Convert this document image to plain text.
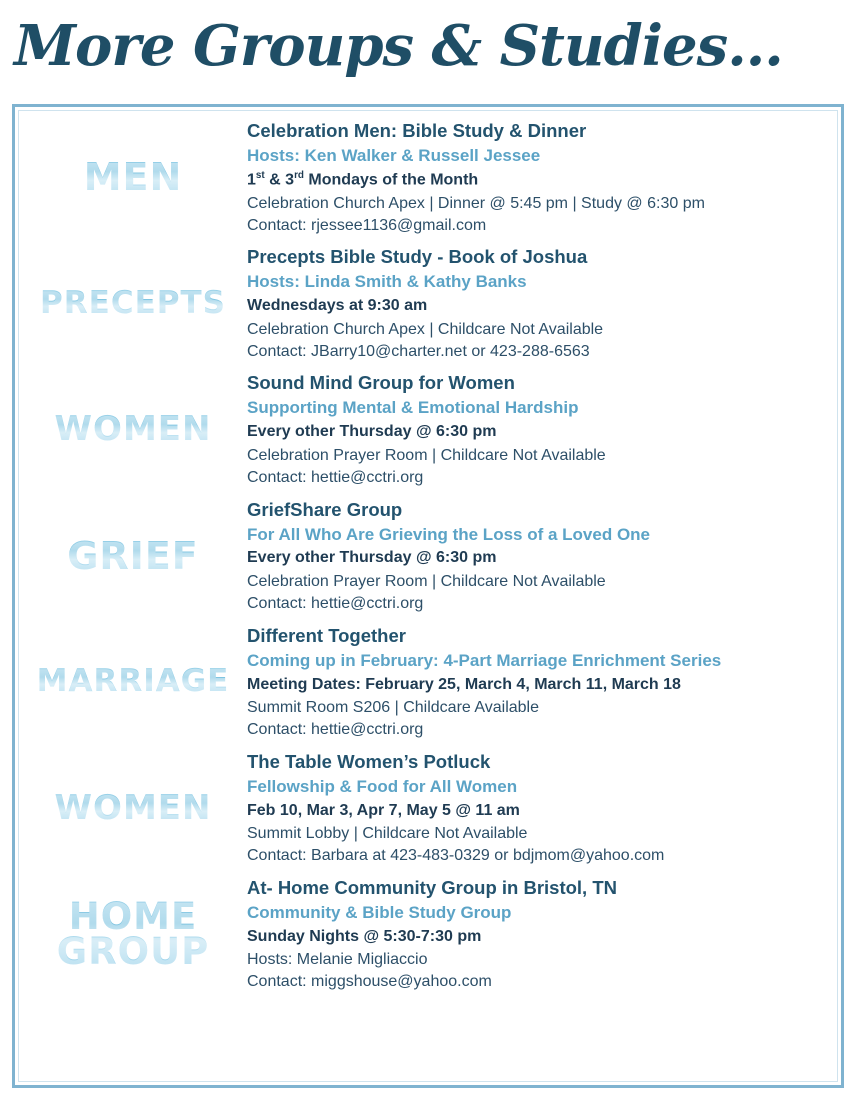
More Groups & Studies...
MEN
Celebration Men: Bible Study & Dinner
Hosts: Ken Walker & Russell Jessee
1st & 3rd Mondays of the Month
Celebration Church Apex | Dinner @ 5:45 pm | Study @ 6:30 pm
Contact: rjessee1136@gmail.com
PRECEPTS
Precepts Bible Study - Book of Joshua
Hosts: Linda Smith & Kathy Banks
Wednesdays at 9:30 am
Celebration Church Apex | Childcare Not Available
Contact: JBarry10@charter.net or 423-288-6563
WOMEN
Sound Mind Group for Women
Supporting Mental & Emotional Hardship
Every other Thursday @ 6:30 pm
Celebration Prayer Room | Childcare Not Available
Contact: hettie@cctri.org
GRIEF
GriefShare Group
For All Who Are Grieving the Loss of a Loved One
Every other Thursday @ 6:30 pm
Celebration Prayer Room | Childcare Not Available
Contact: hettie@cctri.org
MARRIAGE
Different Together
Coming up in February: 4-Part Marriage Enrichment Series
Meeting Dates: February 25, March 4, March 11, March 18
Summit Room S206 | Childcare Available
Contact: hettie@cctri.org
WOMEN
The Table Women’s Potluck
Fellowship & Food for All Women
Feb 10, Mar 3, Apr 7, May 5 @ 11 am
Summit Lobby | Childcare Not Available
Contact: Barbara at 423-483-0329 or bdjmom@yahoo.com
HOME
GROUP
At- Home Community Group in Bristol, TN
Community & Bible Study Group
Sunday Nights @ 5:30-7:30 pm
Hosts: Melanie Migliaccio
Contact: miggshouse@yahoo.com
